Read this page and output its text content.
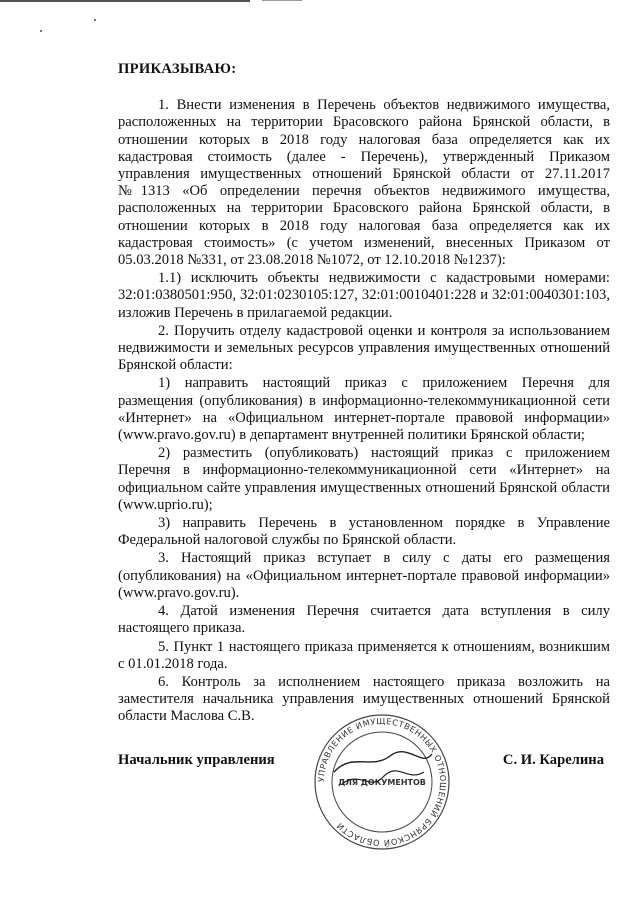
ПРИКАЗЫВАЮ:

1. Внести изменения в Перечень объектов недвижимого имущества, расположенных на территории Брасовского района Брянской области, в отношении которых в 2018 году налоговая база определяется как их кадастровая стоимость (далее - Перечень), утвержденный Приказом управления имущественных отношений Брянской области от 27.11.2017 №1313 «Об определении перечня объектов недвижимого имущества, расположенных на территории Брасовского района Брянской области, в отношении которых в 2018 году налоговая база определяется как их кадастровая стоимость» (с учетом изменений, внесенных Приказом от 05.03.2018 №331, от 23.08.2018 №1072, от 12.10.2018 №1237):

1.1) исключить объекты недвижимости с кадастровыми номерами: 32:01:0380501:950, 32:01:0230105:127, 32:01:0010401:228 и 32:01:0040301:103, изложив Перечень в прилагаемой редакции.

2. Поручить отделу кадастровой оценки и контроля за использованием недвижимости и земельных ресурсов управления имущественных отношений Брянской области:

1) направить настоящий приказ с приложением Перечня для размещения (опубликования) в информационно-телекоммуникационной сети «Интернет» на «Официальном интернет-портале правовой информации» (www.pravo.gov.ru) в департамент внутренней политики Брянской области;

2) разместить (опубликовать) настоящий приказ с приложением Перечня в информационно-телекоммуникационной сети «Интернет» на официальном сайте управления имущественных отношений Брянской области (www.uprio.ru);

3) направить Перечень в установленном порядке в Управление Федеральной налоговой службы по Брянской области.

3. Настоящий приказ вступает в силу с даты его размещения (опубликования) на «Официальном интернет-портале правовой информации» (www.pravo.gov.ru).

4. Датой изменения Перечня считается дата вступления в силу настоящего приказа.

5. Пункт 1 настоящего приказа применяется к отношениям, возникшим с 01.01.2018 года.

6. Контроль за исполнением настоящего приказа возложить на заместителя начальника управления имущественных отношений Брянской области Маслова С.В.

Начальник управления	С. И. Карелина
УПРАВЛЕНИЕ ИМУЩЕСТВЕННЫХ ОТНОШЕНИЙ БРЯНСКОЙ ОБЛАСТИ
ДЛЯ ДОКУМЕНТОВ
